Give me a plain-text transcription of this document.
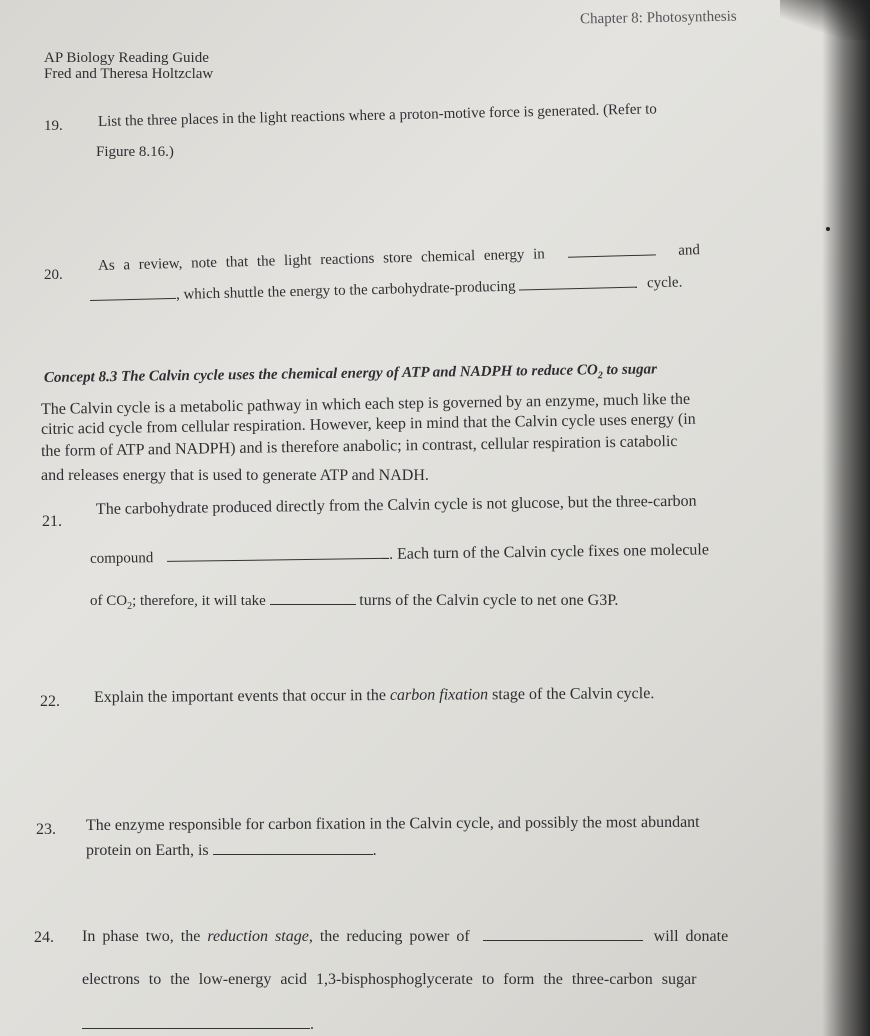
Chapter 8: Photosynthesis
AP Biology Reading Guide
Fred and Theresa Holtzclaw
19. List the three places in the light reactions where a proton-motive force is generated. (Refer to
Figure 8.16.)
20.
As a review, note that the light reactions store chemical energy in	and
, which shuttle the energy to the carbohydrate-producing	cycle.
Concept 8.3 The Calvin cycle uses the chemical energy of ATP and NADPH to reduce $CO_2$ to sugar
The Calvin cycle is a metabolic pathway in which each step is governed by an enzyme, much like the
citric acid cycle from cellular respiration. However, keep in mind that the Calvin cycle uses energy (in
the form of ATP and NADPH) and is therefore anabolic; in contrast, cellular respiration is catabolic
and releases energy that is used to generate ATP and NADH.
21.
The carbohydrate produced directly from the Calvin cycle is not glucose, but the three-carbon
compound	. Each turn of the Calvin cycle fixes one molecule
of $CO_2$; therefore, it will take	turns of the Calvin cycle to net one G3P.
22. Explain the important events that occur in the carbon fixation stage of the Calvin cycle.
23. The enzyme responsible for carbon fixation in the Calvin cycle, and possibly the most abundant
protein on Earth, is	.
24. In phase two, the reduction stage, the reducing power of	will donate
electrons to the low-energy acid 1,3-bisphosphoglycerate to form the three-carbon sugar
.
